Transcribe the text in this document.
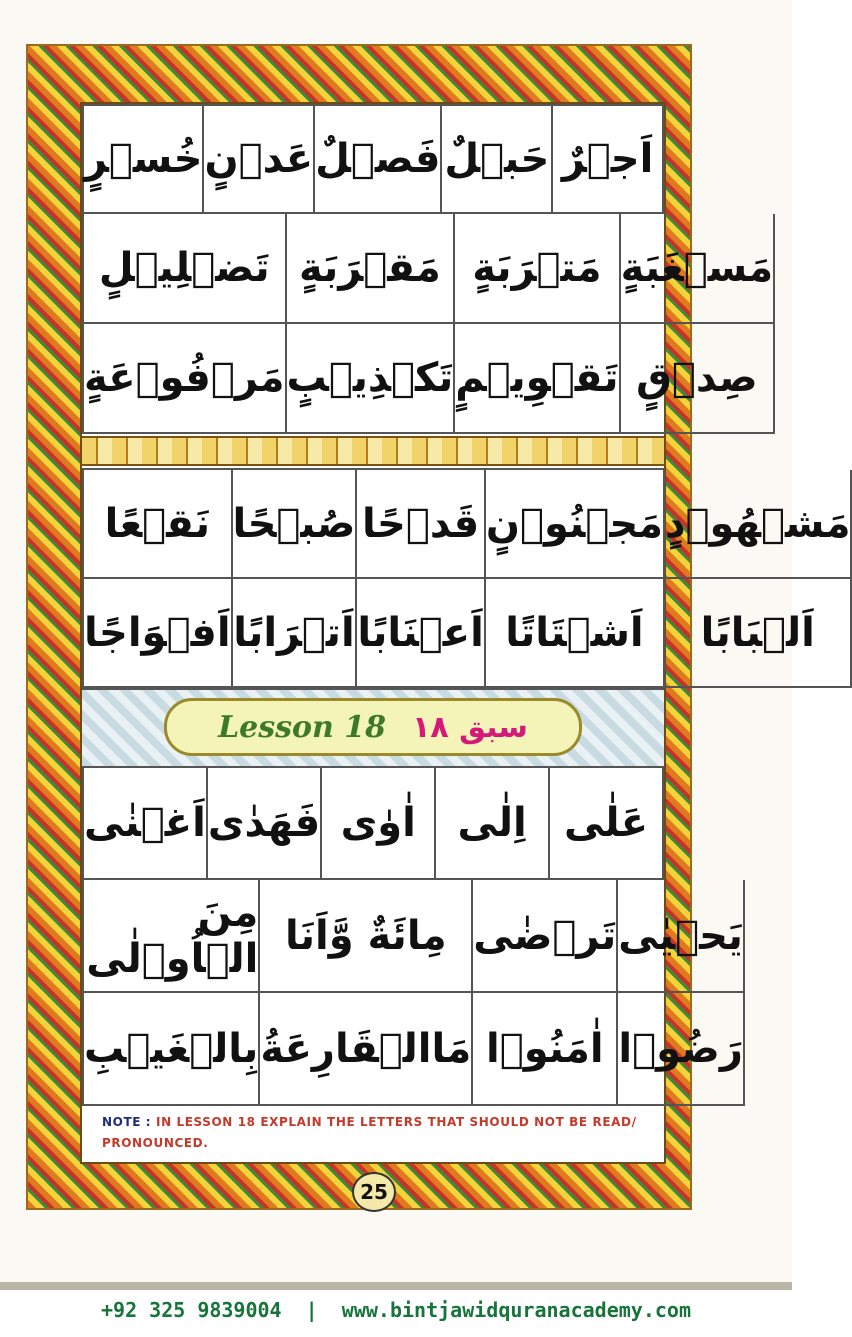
خُسۡرٍ عَدۡنٍ فَصۡلٌ حَبۡلٌ اَجۡرٌ
تَضۡلِيۡلٍ مَقۡرَبَةٍ مَتۡرَبَةٍ مَسۡغَبَةٍ
مَرۡفُوۡعَةٍ تَكۡذِيۡبٍ تَقۡوِيۡمٍ صِدۡقٍ
نَقۡعًا صُبۡحًا قَدۡحًا مَجۡنُوۡنٍ مَشۡهُوۡدٍ
اَفۡوَاجًا اَتۡرَابًا اَعۡنَابًا اَشۡتَاتًا	اَلۡبَابًا
Lesson 18 سبق ١٨
اَغۡنٰى فَهَدٰى اٰوٰى	اِلٰى عَلٰى
مِنَ الۡاُوۡلٰى مِائَةٌ وَّاَنَا تَرۡضٰى يَحۡيٰى
بِالۡغَيۡبِ مَاالۡقَارِعَةُ اٰمَنُوۡا رَضُوۡا
NOTE : IN LESSON 18 EXPLAIN THE LETTERS THAT SHOULD NOT BE READ/ PRONOUNCED.
25
+92 325 9839004  |  www.bintjawidquranacademy.com
